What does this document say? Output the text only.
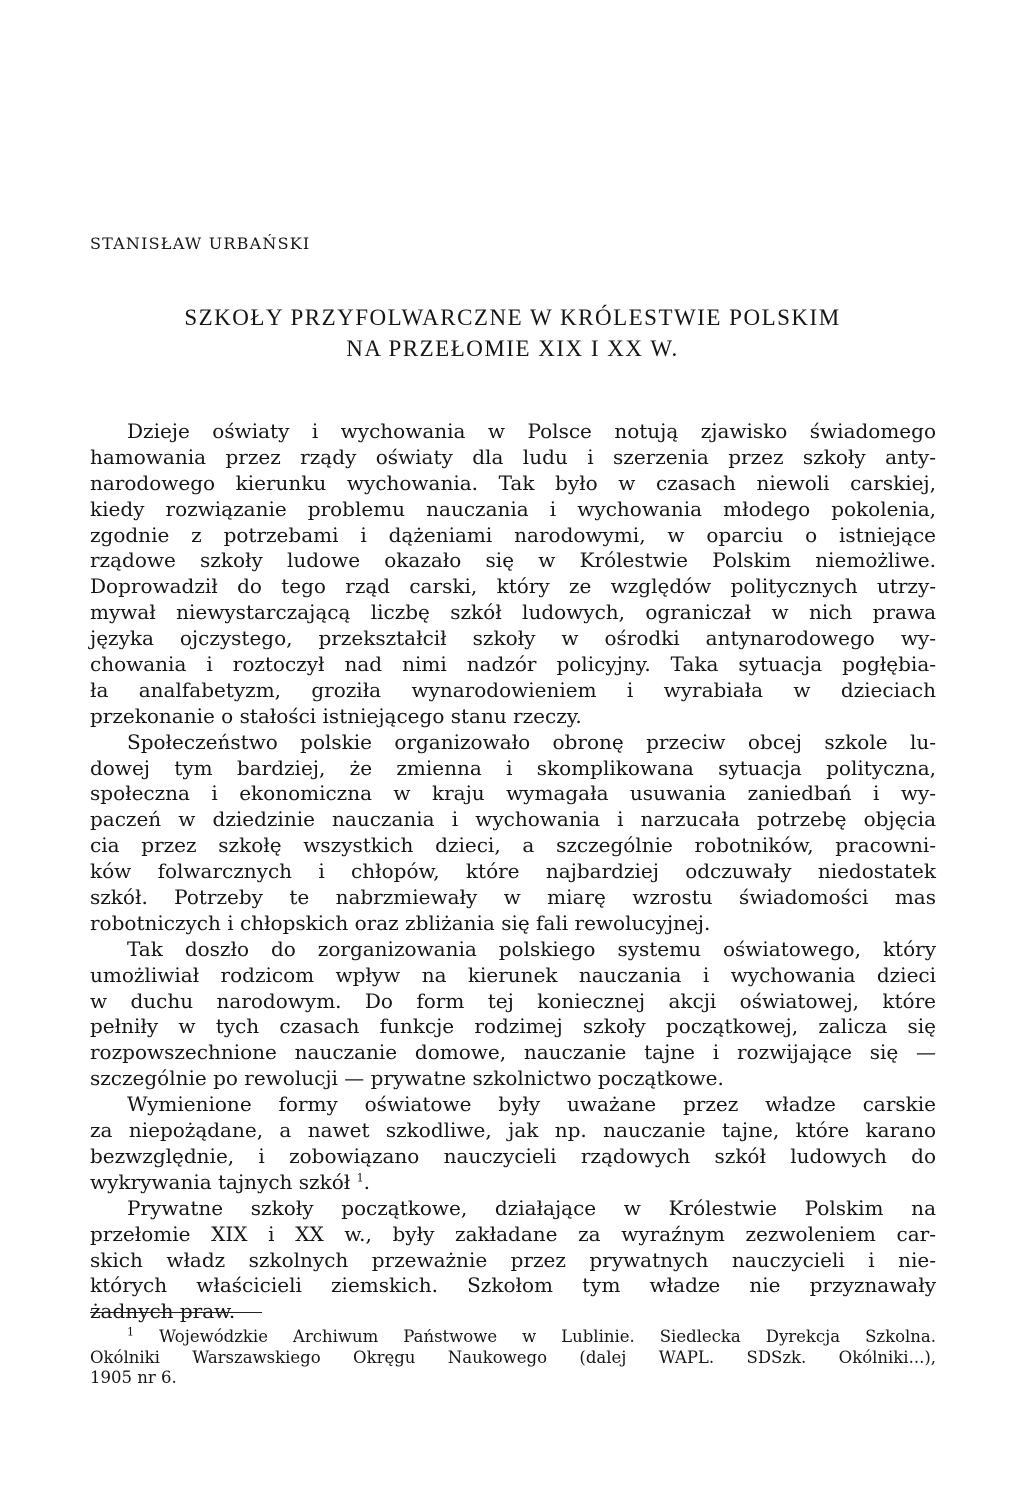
STANISŁAW URBAŃSKI
SZKOŁY PRZYFOLWARCZNE W KRÓLESTWIE POLSKIM
NA PRZEŁOMIE XIX I XX W.
Dzieje oświaty i wychowania w Polsce notują zjawisko świadomego
hamowania przez rządy oświaty dla ludu i szerzenia przez szkoły anty-
narodowego kierunku wychowania. Tak było w czasach niewoli carskiej,
kiedy rozwiązanie problemu nauczania i wychowania młodego pokolenia,
zgodnie z potrzebami i dążeniami narodowymi, w oparciu o istniejące
rządowe szkoły ludowe okazało się w Królestwie Polskim niemożliwe.
Doprowadził do tego rząd carski, który ze względów politycznych utrzy-
mywał niewystarczającą liczbę szkół ludowych, ograniczał w nich prawa
języka ojczystego, przekształcił szkoły w ośrodki antynarodowego wy-
chowania i roztoczył nad nimi nadzór policyjny. Taka sytuacja pogłębia-
ła analfabetyzm, groziła wynarodowieniem i wyrabiała w dzieciach
przekonanie o stałości istniejącego stanu rzeczy.
Społeczeństwo polskie organizowało obronę przeciw obcej szkole lu-
dowej tym bardziej, że zmienna i skomplikowana sytuacja polityczna,
społeczna i ekonomiczna w kraju wymagała usuwania zaniedbań i wy-
paczeń w dziedzinie nauczania i wychowania i narzucała potrzebę objęcia
cia przez szkołę wszystkich dzieci, a szczególnie robotników, pracowni-
ków folwarcznych i chłopów, które najbardziej odczuwały niedostatek
szkół. Potrzeby te nabrzmiewały w miarę wzrostu świadomości mas
robotniczych i chłopskich oraz zbliżania się fali rewolucyjnej.
Tak doszło do zorganizowania polskiego systemu oświatowego, który
umożliwiał rodzicom wpływ na kierunek nauczania i wychowania dzieci
w duchu narodowym. Do form tej koniecznej akcji oświatowej, które
pełniły w tych czasach funkcje rodzimej szkoły początkowej, zalicza się
rozpowszechnione nauczanie domowe, nauczanie tajne i rozwijające się —
szczególnie po rewolucji — prywatne szkolnictwo początkowe.
Wymienione formy oświatowe były uważane przez władze carskie
za niepożądane, a nawet szkodliwe, jak np. nauczanie tajne, które karano
bezwzględnie, i zobowiązano nauczycieli rządowych szkół ludowych do
wykrywania tajnych szkół $^1$.
Prywatne szkoły początkowe, działające w Królestwie Polskim na
przełomie XIX i XX w., były zakładane za wyraźnym zezwoleniem car-
skich władz szkolnych przeważnie przez prywatnych nauczycieli i nie-
których właścicieli ziemskich. Szkołom tym władze nie przyznawały
żadnych praw.
$^1$ Wojewódzkie Archiwum Państwowe w Lublinie. Siedlecka Dyrekcja Szkolna.
Okólniki Warszawskiego Okręgu Naukowego (dalej WAPL. SDSzk. Okólniki...),
1905 nr 6.
